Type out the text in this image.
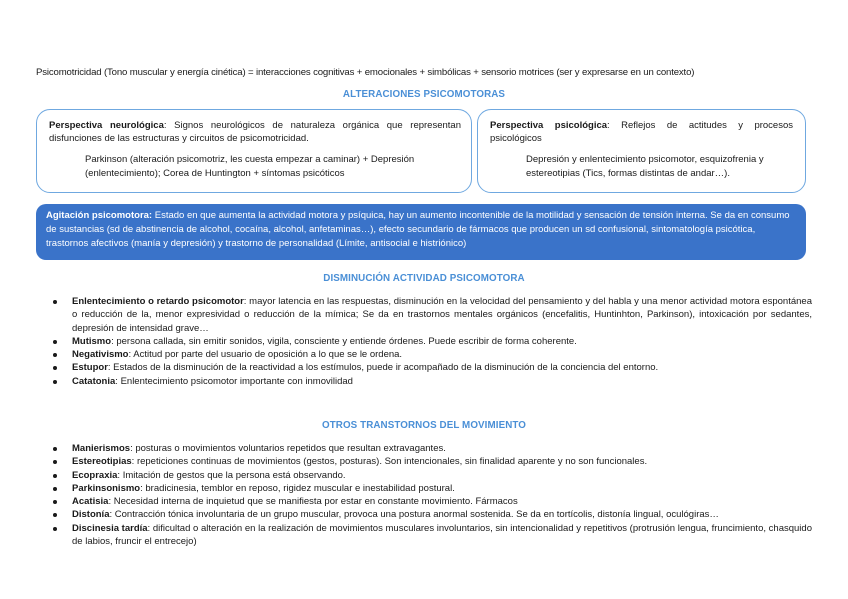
Psicomotricidad (Tono muscular y energía cinética) = interacciones cognitivas + emocionales + simbólicas + sensorio motrices (ser y expresarse en un contexto)
ALTERACIONES PSICOMOTORAS

Perspectiva neurológica: Signos neurológicos de naturaleza orgánica que representan disfunciones de las estructuras y circuitos de psicomotricidad.

Parkinson (alteración psicomotriz, les cuesta empezar a caminar) + Depresión (enlentecimiento); Corea de Huntington + síntomas psicóticos

Perspectiva psicológica: Reflejos de actitudes y procesos psicológicos

Depresión y enlentecimiento psicomotor, esquizofrenia y estereotipias (Tics, formas distintas de andar…).

Agitación psicomotora: Estado en que aumenta la actividad motora y psíquica, hay un aumento incontenible de la motilidad y sensación de tensión interna. Se da en consumo de sustancias (sd de abstinencia de alcohol, cocaína, alcohol, anfetaminas…), efecto secundario de fármacos que producen un sd confusional, sintomatología psicótica, trastornos afectivos (manía y depresión) y trastorno de personalidad (Límite, antisocial e histriónico)
DISMINUCIÓN ACTIVIDAD PSICOMOTORA
Enlentecimiento o retardo psicomotor: mayor latencia en las respuestas, disminución en la velocidad del pensamiento y del habla y una menor actividad motora espontánea o reducción de la, menor expresividad o reducción de la mímica; Se da en trastornos mentales orgánicos (encefalitis, Huntinhton, Parkinson), intoxicación por sedantes, depresión de intensidad grave…
Mutismo: persona callada, sin emitir sonidos, vigila, consciente y entiende órdenes. Puede escribir de forma coherente.
Negativismo: Actitud por parte del usuario de oposición a lo que se le ordena.
Estupor: Estados de la disminución de la reactividad a los estímulos, puede ir acompañado de la disminución de la conciencia del entorno.
Catatonia: Enlentecimiento psicomotor importante con inmovilidad
OTROS TRANSTORNOS DEL MOVIMIENTO
Manierismos: posturas o movimientos voluntarios repetidos que resultan extravagantes.
Estereotipias: repeticiones continuas de movimientos (gestos, posturas). Son intencionales, sin finalidad aparente y no son funcionales.
Ecopraxia: Imitación de gestos que la persona está observando.
Parkinsonismo: bradicinesia, temblor en reposo, rigidez muscular e inestabilidad postural.
Acatisia: Necesidad interna de inquietud que se manifiesta por estar en constante movimiento. Fármacos
Distonía: Contracción tónica involuntaria de un grupo muscular, provoca una postura anormal sostenida. Se da en tortícolis, distonía lingual, oculógiras…
Discinesia tardía: dificultad o alteración en la realización de movimientos musculares involuntarios, sin intencionalidad y repetitivos (protrusión lengua, fruncimiento, chasquido de labios, fruncir el entrecejo)
